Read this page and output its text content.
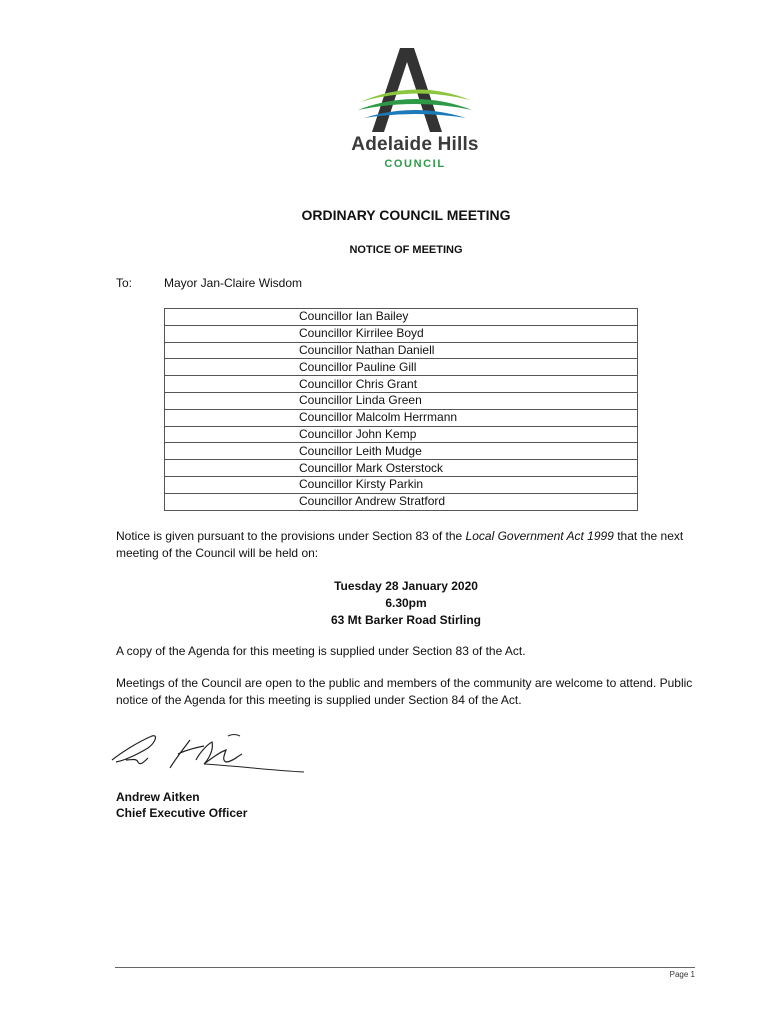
Adelaide Hills
COUNCIL
ORDINARY COUNCIL MEETING
NOTICE OF MEETING
To:	Mayor Jan-Claire Wisdom
Councillor Ian Bailey
Councillor Kirrilee Boyd
Councillor Nathan Daniell
Councillor Pauline Gill
Councillor Chris Grant
Councillor Linda Green
Councillor Malcolm Herrmann
Councillor John Kemp
Councillor Leith Mudge
Councillor Mark Osterstock
Councillor Kirsty Parkin
Councillor Andrew Stratford
Notice is given pursuant to the provisions under Section 83 of the Local Government Act 1999 that the next meeting of the Council will be held on:
Tuesday 28 January 2020
6.30pm
63 Mt Barker Road Stirling
A copy of the Agenda for this meeting is supplied under Section 83 of the Act.
Meetings of the Council are open to the public and members of the community are welcome to attend. Public notice of the Agenda for this meeting is supplied under Section 84 of the Act.
Andrew Aitken
Chief Executive Officer
Page 1
